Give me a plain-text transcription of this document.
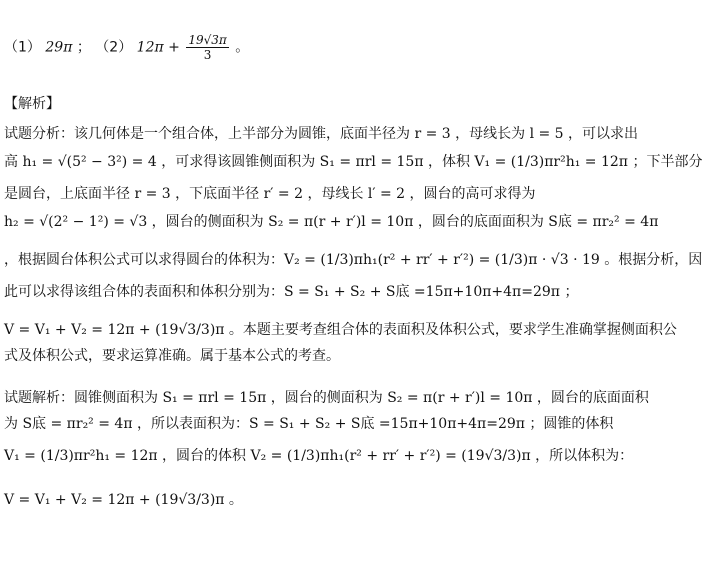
（1） 29π ； （2） $12\pi + \frac{19√3\pi}{3}$ 。
【解析】
试题分析：该几何体是一个组合体，上半部分为圆锥，底面半径为 r = 3 ，母线长为 l = 5 ，可以求出
高 h₁ = √(5² − 3²) = 4 ，可求得该圆锥侧面积为 S₁ = πrl = 15π ，体积 V₁ = (1/3)πr²h₁ = 12π ；下半部分
是圆台，上底面半径 r = 3 ，下底面半径 r′ = 2 ，母线长 l′ = 2 ，圆台的高可求得为
h₂ = √(2² − 1²) = √3 ，圆台的侧面积为 S₂ = π(r + r′)l = 10π ，圆台的底面面积为 S底 = πr₂² = 4π
，根据圆台体积公式可以求得圆台的体积为：V₂ = (1/3)πh₁(r² + rr′ + r′²) = (1/3)π · √3 · 19 。根据分析，因
此可以求得该组合体的表面积和体积分别为：S = S₁ + S₂ + S底 =15π+10π+4π=29π ；
V = V₁ + V₂ = 12π + (19√3/3)π 。本题主要考查组合体的表面积及体积公式，要求学生准确掌握侧面积公
式及体积公式，要求运算准确。属于基本公式的考查。
试题解析：圆锥侧面积为 S₁ = πrl = 15π ，圆台的侧面积为 S₂ = π(r + r′)l = 10π ，圆台的底面面积
为 S底 = πr₂² = 4π ，所以表面积为：S = S₁ + S₂ + S底 =15π+10π+4π=29π ；圆锥的体积
V₁ = (1/3)πr²h₁ = 12π ，圆台的体积 V₂ = (1/3)πh₁(r² + rr′ + r′²) = (19√3/3)π ，所以体积为：
V = V₁ + V₂ = 12π + (19√3/3)π 。
